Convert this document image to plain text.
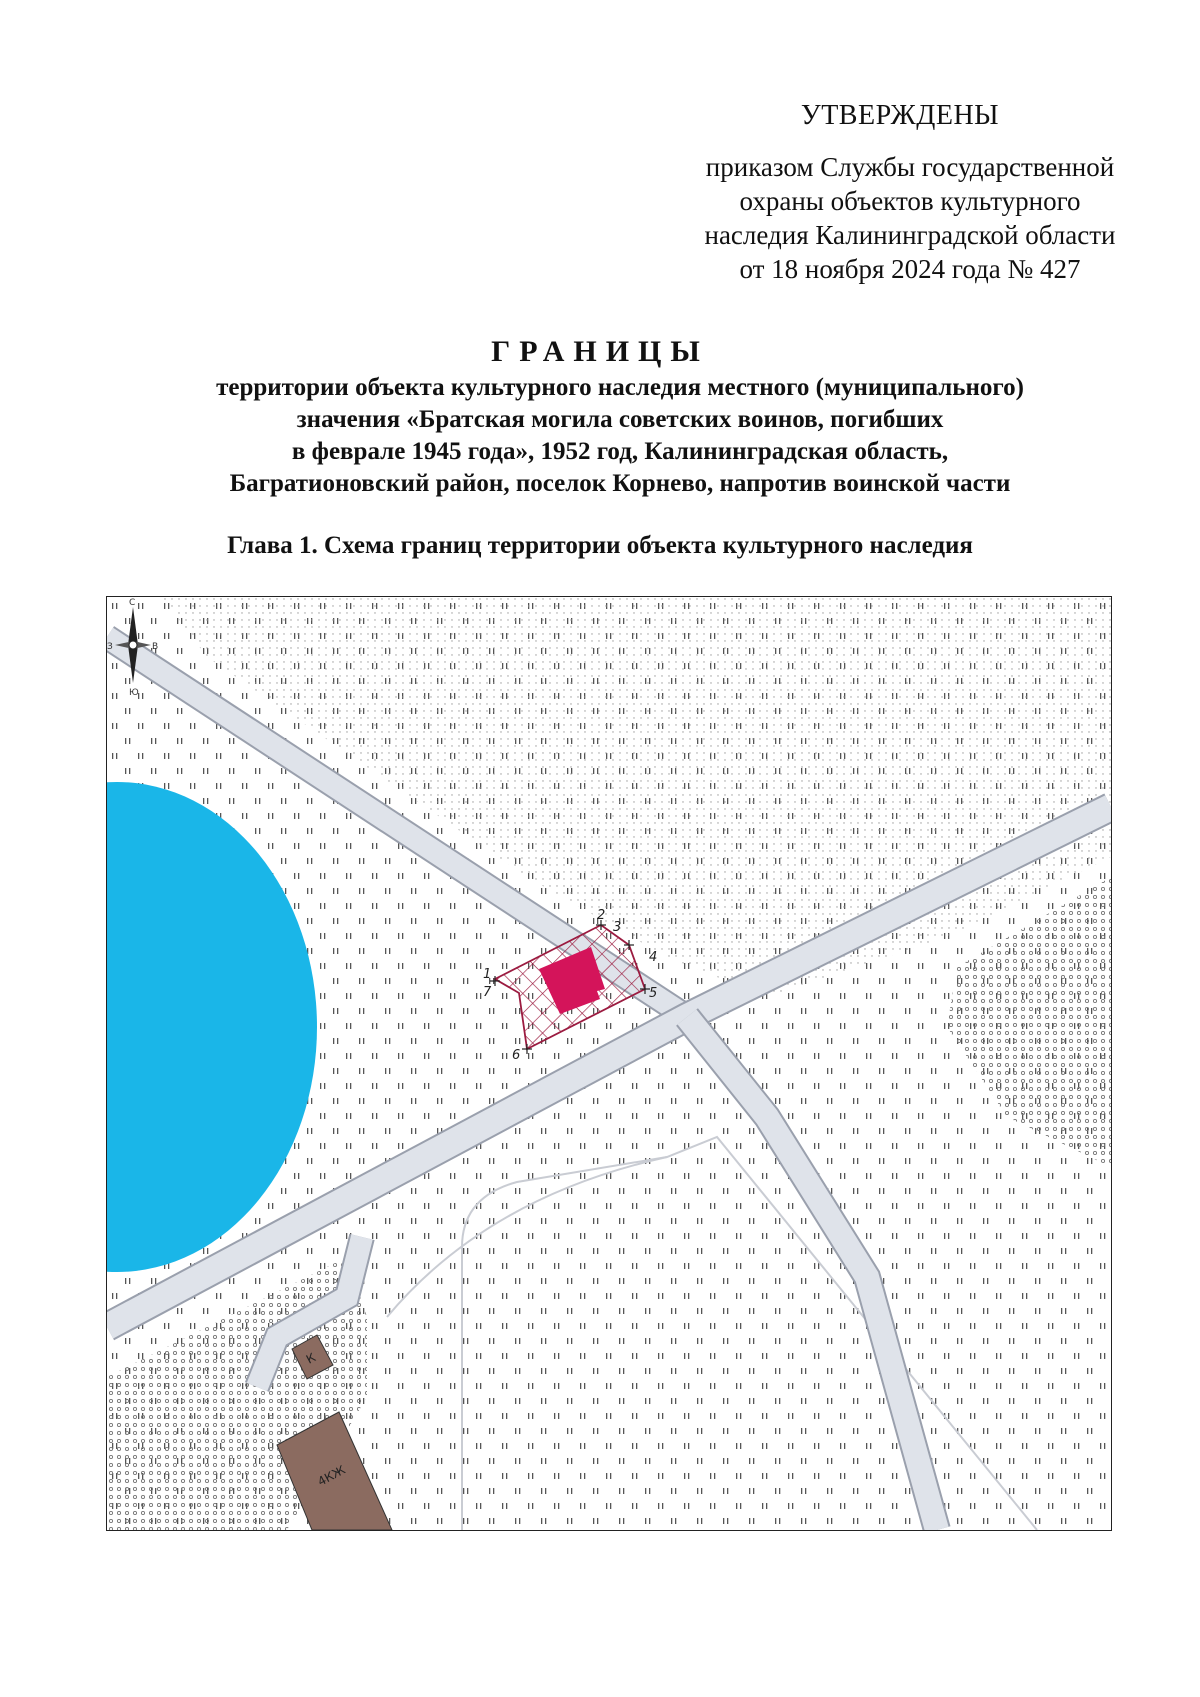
УТВЕРЖДЕНЫ
приказом Службы государственной
охраны объектов культурного
наследия Калининградской области
от 18 ноября 2024 года № 427
ГРАНИЦЫ
территории объекта культурного наследия местного (муниципального)
значения «Братская могила советских воинов, погибших
в феврале 1945 года», 1952 год, Калининградская область,
Багратионовский район, поселок Корнево, напротив воинской части
Глава 1. Схема границ территории объекта культурного наследия
1
2
3
4
5
6
7
К
4КЖ
С
З	В
Ю
